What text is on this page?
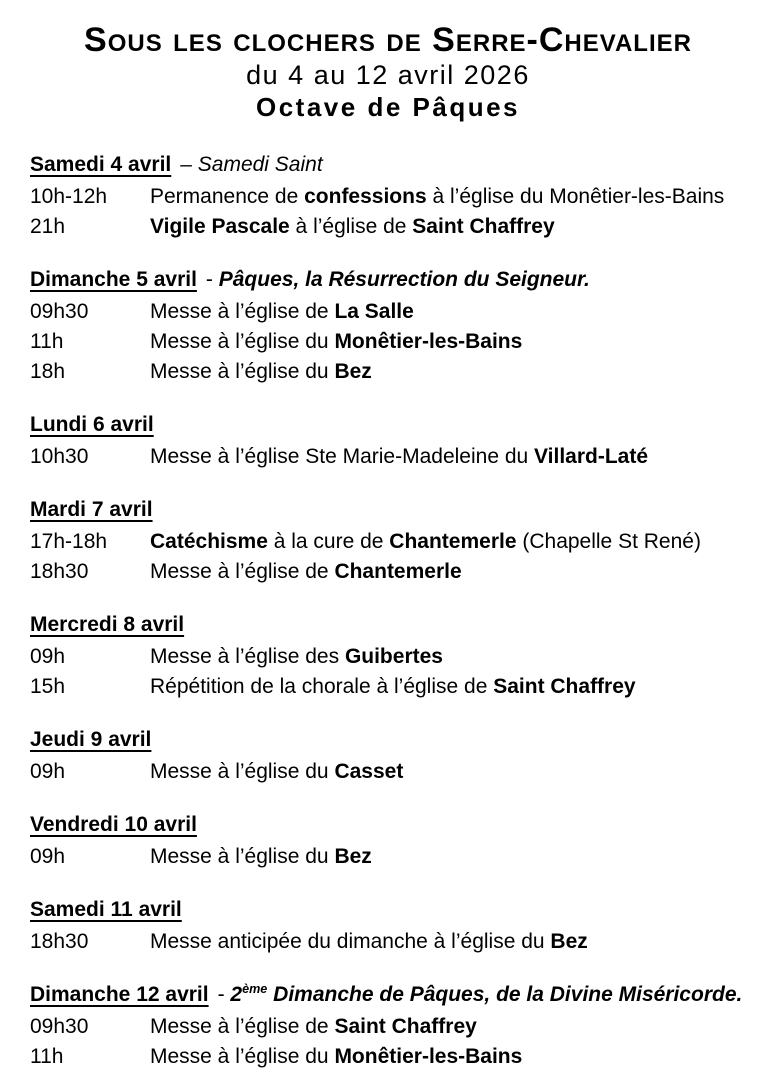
Sous les clochers de Serre-Chevalier
du 4 au 12 avril 2026
Octave de Pâques
Samedi 4 avril – Samedi Saint
10h-12h	Permanence de confessions à l’église du Monêtier-les-Bains
21h	Vigile Pascale à l’église de Saint Chaffrey
Dimanche 5 avril - Pâques, la Résurrection du Seigneur.
09h30	Messe à l’église de La Salle
11h	Messe à l’église du Monêtier-les-Bains
18h	Messe à l’église du Bez
Lundi 6 avril
10h30	Messe à l’église Ste Marie-Madeleine du Villard-Laté
Mardi 7 avril
17h-18h	Catéchisme à la cure de Chantemerle (Chapelle St René)
18h30	Messe à l’église de Chantemerle
Mercredi 8 avril
09h	Messe à l’église des Guibertes
15h	Répétition de la chorale à l’église de Saint Chaffrey
Jeudi 9 avril
09h	Messe à l’église du Casset
Vendredi 10 avril
09h	Messe à l’église du Bez
Samedi 11 avril
18h30	Messe anticipée du dimanche à l’église du Bez
Dimanche 12 avril - 2ème Dimanche de Pâques, de la Divine Miséricorde.
09h30	Messe à l’église de Saint Chaffrey
11h	Messe à l’église du Monêtier-les-Bains
